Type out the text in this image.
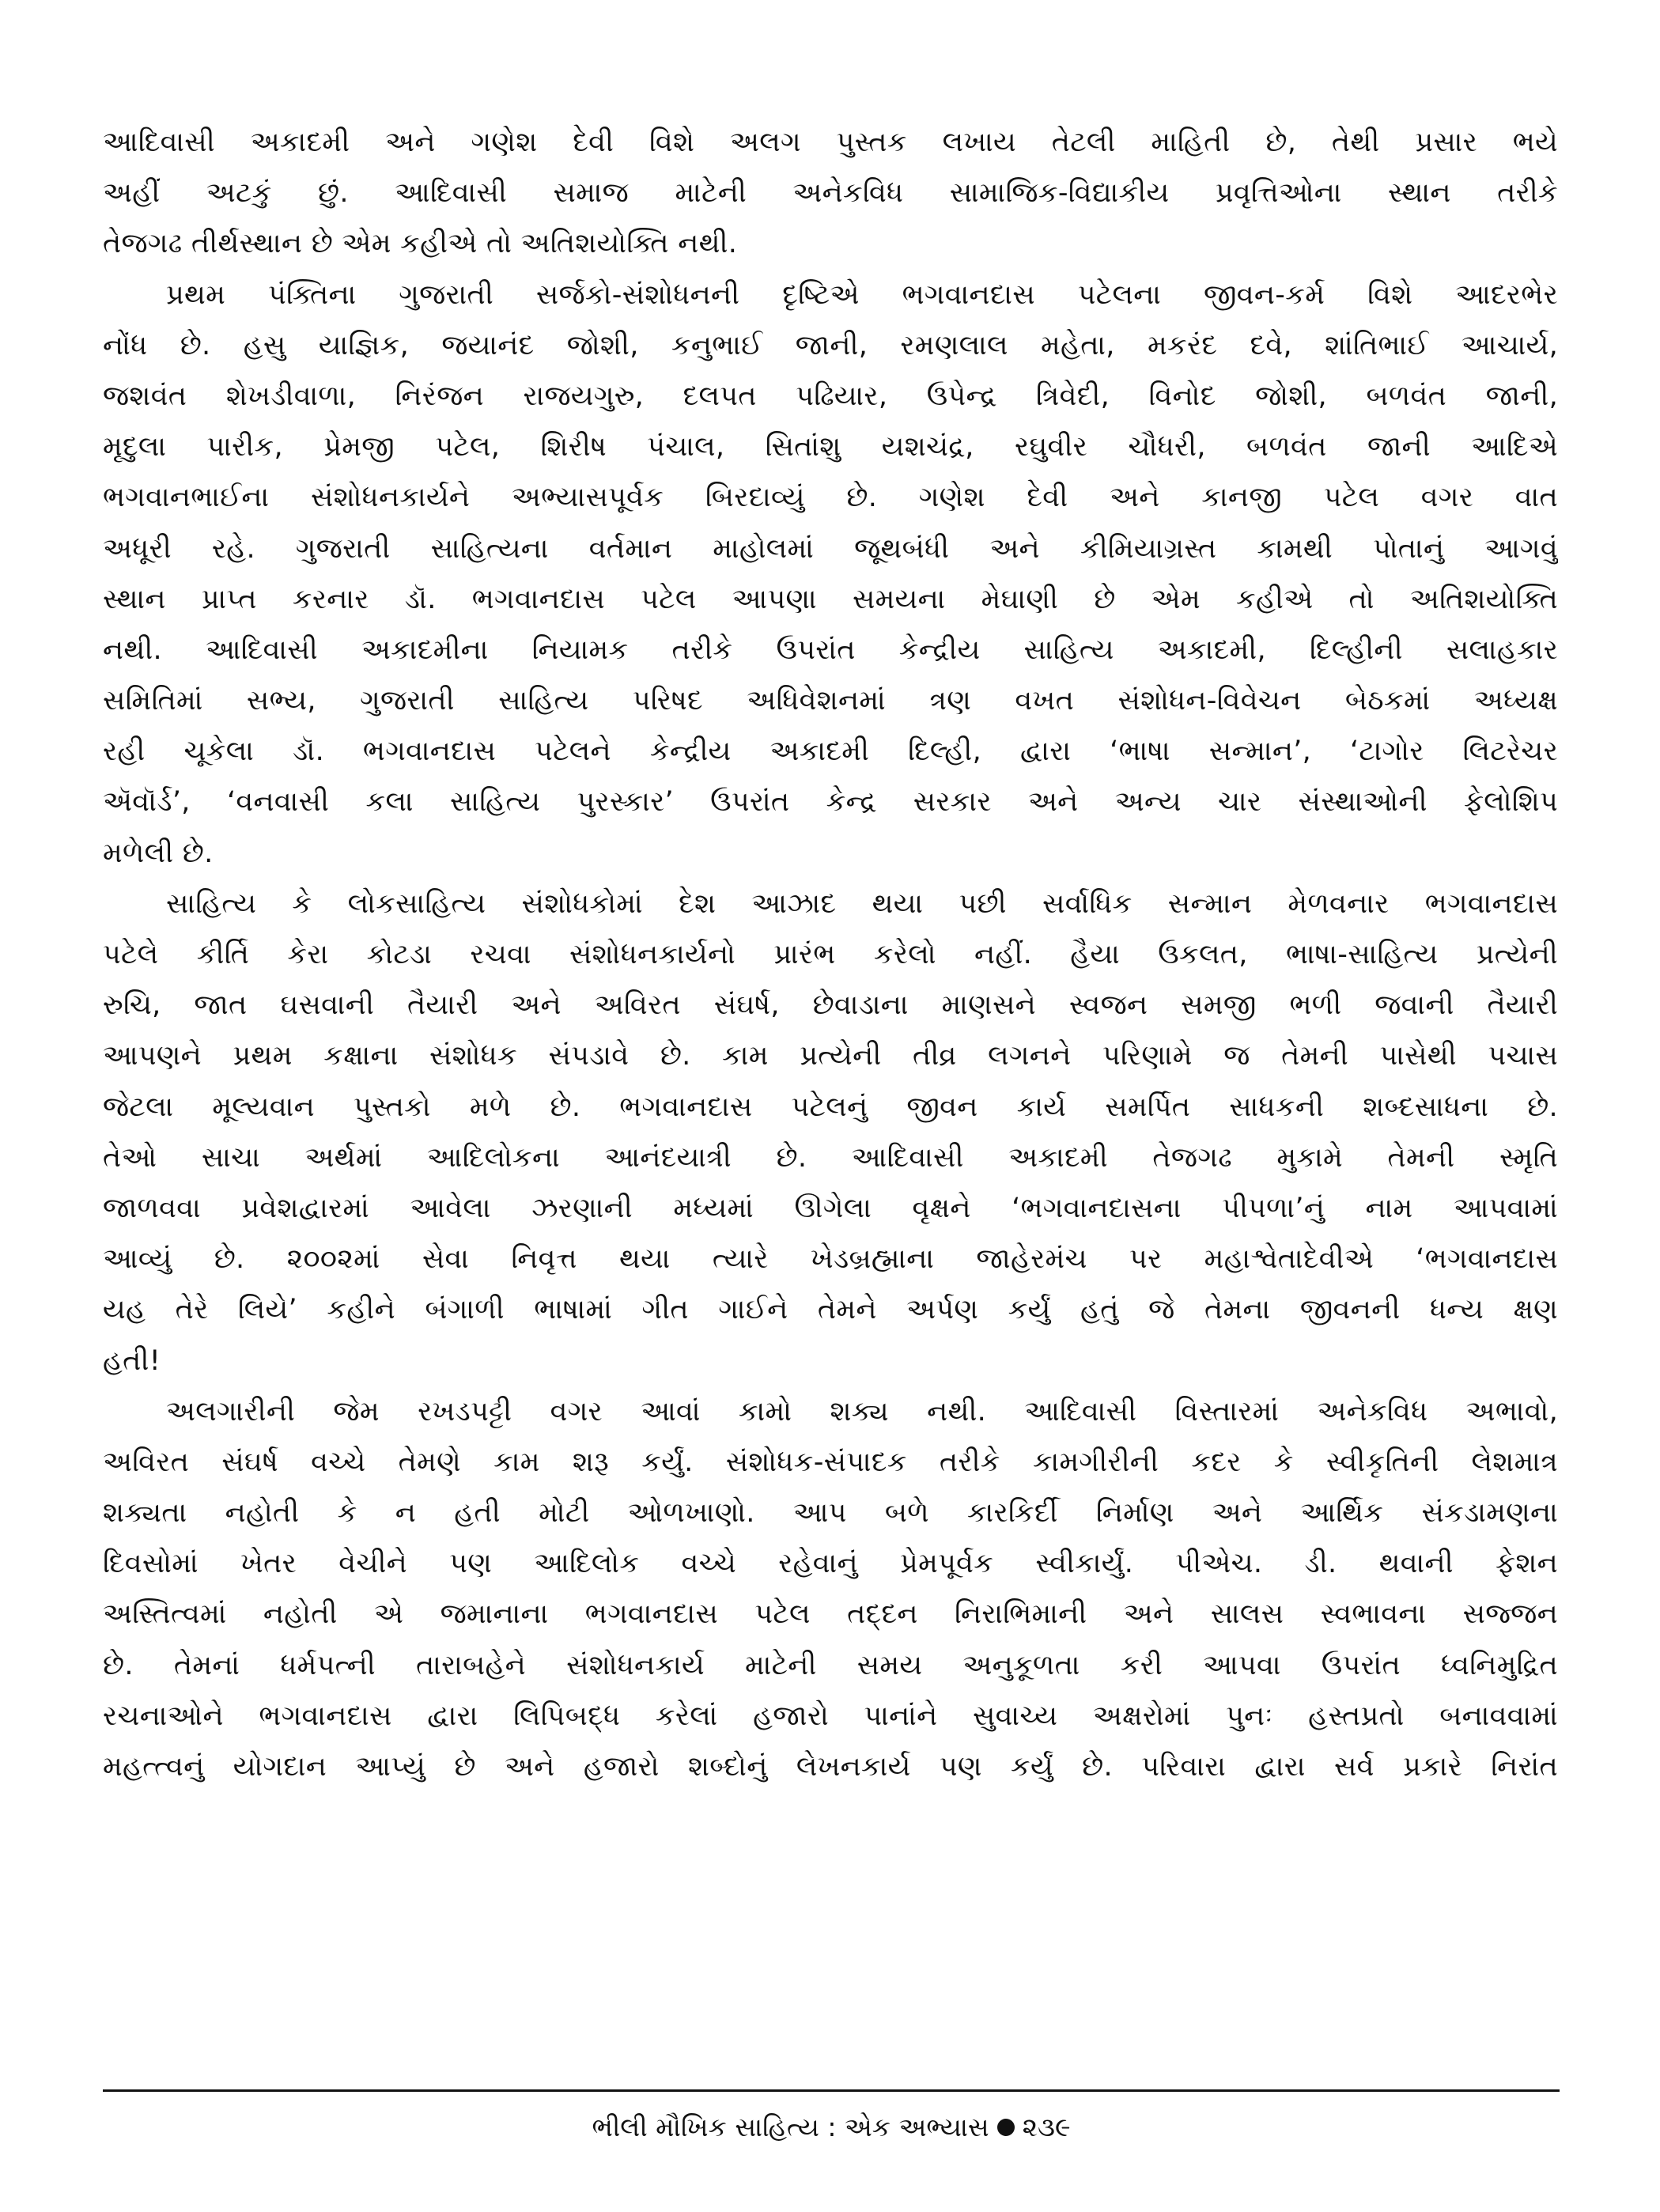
આદિવાસી અકાદમી અને ગણેશ દેવી વિશે અલગ પુસ્તક લખાય તેટલી માહિતી છે, તેથી પ્રસાર ભયે
અહીં અટકું છું. આદિવાસી સમાજ માટેની અનેકવિધ સામાજિક-વિદ્યાકીય પ્રવૃત્તિઓના સ્થાન તરીકે
તેજગઢ તીર્થસ્થાન છે એમ કહીએ તો અતિશયોક્તિ નથી.
પ્રથમ પંક્તિના ગુજરાતી સર્જકો-સંશોધનની દૃષ્ટિએ ભગવાનદાસ પટેલના જીવન-કર્મ વિશે આદરભેર
નોંધ છે. હસુ યાજ્ઞિક, જયાનંદ જોશી, કનુભાઈ જાની, રમણલાલ મહેતા, મકરંદ દવે, શાંતિભાઈ આચાર્ય,
જશવંત શેખડીવાળા, નિરંજન રાજયગુરુ, દલપત પઢિયાર, ઉપેન્દ્ર ત્રિવેદી, વિનોદ જોશી, બળવંત જાની,
મૃદુલા પારીક, પ્રેમજી પટેલ, શિરીષ પંચાલ, સિતાંશુ યશચંદ્ર, રઘુવીર ચૌધરી, બળવંત જાની આદિએ
ભગવાનભાઈના સંશોધનકાર્યને અભ્યાસપૂર્વક બિરદાવ્યું છે. ગણેશ દેવી અને કાનજી પટેલ વગર વાત
અધૂરી રહે. ગુજરાતી સાહિત્યના વર્તમાન માહોલમાં જૂથબંધી અને કીમિયાગ્રસ્ત કામથી પોતાનું આગવું
સ્થાન પ્રાપ્ત કરનાર ડૉ. ભગવાનદાસ પટેલ આપણા સમયના મેઘાણી છે એમ કહીએ તો અતિશયોક્તિ
નથી. આદિવાસી અકાદમીના નિયામક તરીકે ઉપરાંત કેન્દ્રીય સાહિત્ય અકાદમી, દિલ્હીની સલાહકાર
સમિતિમાં સભ્ય, ગુજરાતી સાહિત્ય પરિષદ અધિવેશનમાં ત્રણ વખત સંશોધન-વિવેચન બેઠકમાં અધ્યક્ષ
રહી ચૂકેલા ડૉ. ભગવાનદાસ પટેલને કેન્દ્રીય અકાદમી દિલ્હી, દ્વારા ‘ભાષા સન્માન’, ‘ટાગોર લિટરેચર
ઍવૉર્ડ’, ‘વનવાસી કલા સાહિત્ય પુરસ્કાર’ ઉપરાંત કેન્દ્ર સરકાર અને અન્ય ચાર સંસ્થાઓની ફેલોશિપ
મળેલી છે.
સાહિત્ય કે લોકસાહિત્ય સંશોધકોમાં દેશ આઝાદ થયા પછી સર્વાધિક સન્માન મેળવનાર ભગવાનદાસ
પટેલે કીર્તિ કેરા કોટડા રચવા સંશોધનકાર્યનો પ્રારંભ કરેલો નહીં. હૈયા ઉકલત, ભાષા-સાહિત્ય પ્રત્યેની
રુચિ, જાત ઘસવાની તૈયારી અને અવિરત સંઘર્ષ, છેવાડાના માણસને સ્વજન સમજી ભળી જવાની તૈયારી
આપણને પ્રથમ કક્ષાના સંશોધક સંપડાવે છે. કામ પ્રત્યેની તીવ્ર લગનને પરિણામે જ તેમની પાસેથી પચાસ
જેટલા મૂલ્યવાન પુસ્તકો મળે છે. ભગવાનદાસ પટેલનું જીવન કાર્ય સમર્પિત સાધકની શબ્દસાધના છે.
તેઓ સાચા અર્થમાં આદિલોકના આનંદયાત્રી છે. આદિવાસી અકાદમી તેજગઢ મુકામે તેમની સ્મૃતિ
જાળવવા પ્રવેશદ્વારમાં આવેલા ઝરણાની મધ્યમાં ઊગેલા વૃક્ષને ‘ભગવાનદાસના પીપળા’નું નામ આપવામાં
આવ્યું છે. ૨૦૦૨માં સેવા નિવૃત્ત થયા ત્યારે ખેડબ્રહ્માના જાહેરમંચ પર મહાશ્વેતાદેવીએ ‘ભગવાનદાસ
યહ તેરે લિયે’ કહીને બંગાળી ભાષામાં ગીત ગાઈને તેમને અર્પણ કર્યું હતું જે તેમના જીવનની ધન્ય ક્ષણ
હતી!
અલગારીની જેમ રખડપટ્ટી વગર આવાં કામો શક્ય નથી. આદિવાસી વિસ્તારમાં અનેકવિધ અભાવો,
અવિરત સંઘર્ષ વચ્ચે તેમણે કામ શરૂ કર્યું. સંશોધક-સંપાદક તરીકે કામગીરીની કદર કે સ્વીકૃતિની લેશમાત્ર
શક્યતા નહોતી કે ન હતી મોટી ઓળખાણો. આપ બળે કારકિર્દી નિર્માણ અને આર્થિક સંકડામણના
દિવસોમાં ખેતર વેચીને પણ આદિલોક વચ્ચે રહેવાનું પ્રેમપૂર્વક સ્વીકાર્યું. પીએચ. ડી. થવાની ફેશન
અસ્તિત્વમાં નહોતી એ જમાનાના ભગવાનદાસ પટેલ તદ્દન નિરાભિમાની અને સાલસ સ્વભાવના સજ્જન
છે. તેમનાં ધર્મપત્ની તારાબહેને સંશોધનકાર્ય માટેની સમય અનુકૂળતા કરી આપવા ઉપરાંત ધ્વનિમુદ્રિત
રચનાઓને ભગવાનદાસ દ્વારા લિપિબદ્ધ કરેલાં હજારો પાનાંને સુવાચ્ય અક્ષરોમાં પુનઃ હસ્તપ્રતો બનાવવામાં
મહત્ત્વનું યોગદાન આપ્યું છે અને હજારો શબ્દોનું લેખનકાર્ય પણ કર્યું છે. પરિવારા દ્વારા સર્વ પ્રકારે નિરાંત
ભીલી મૌખિક સાહિત્ય : એક અભ્યાસ ૨૩૯
